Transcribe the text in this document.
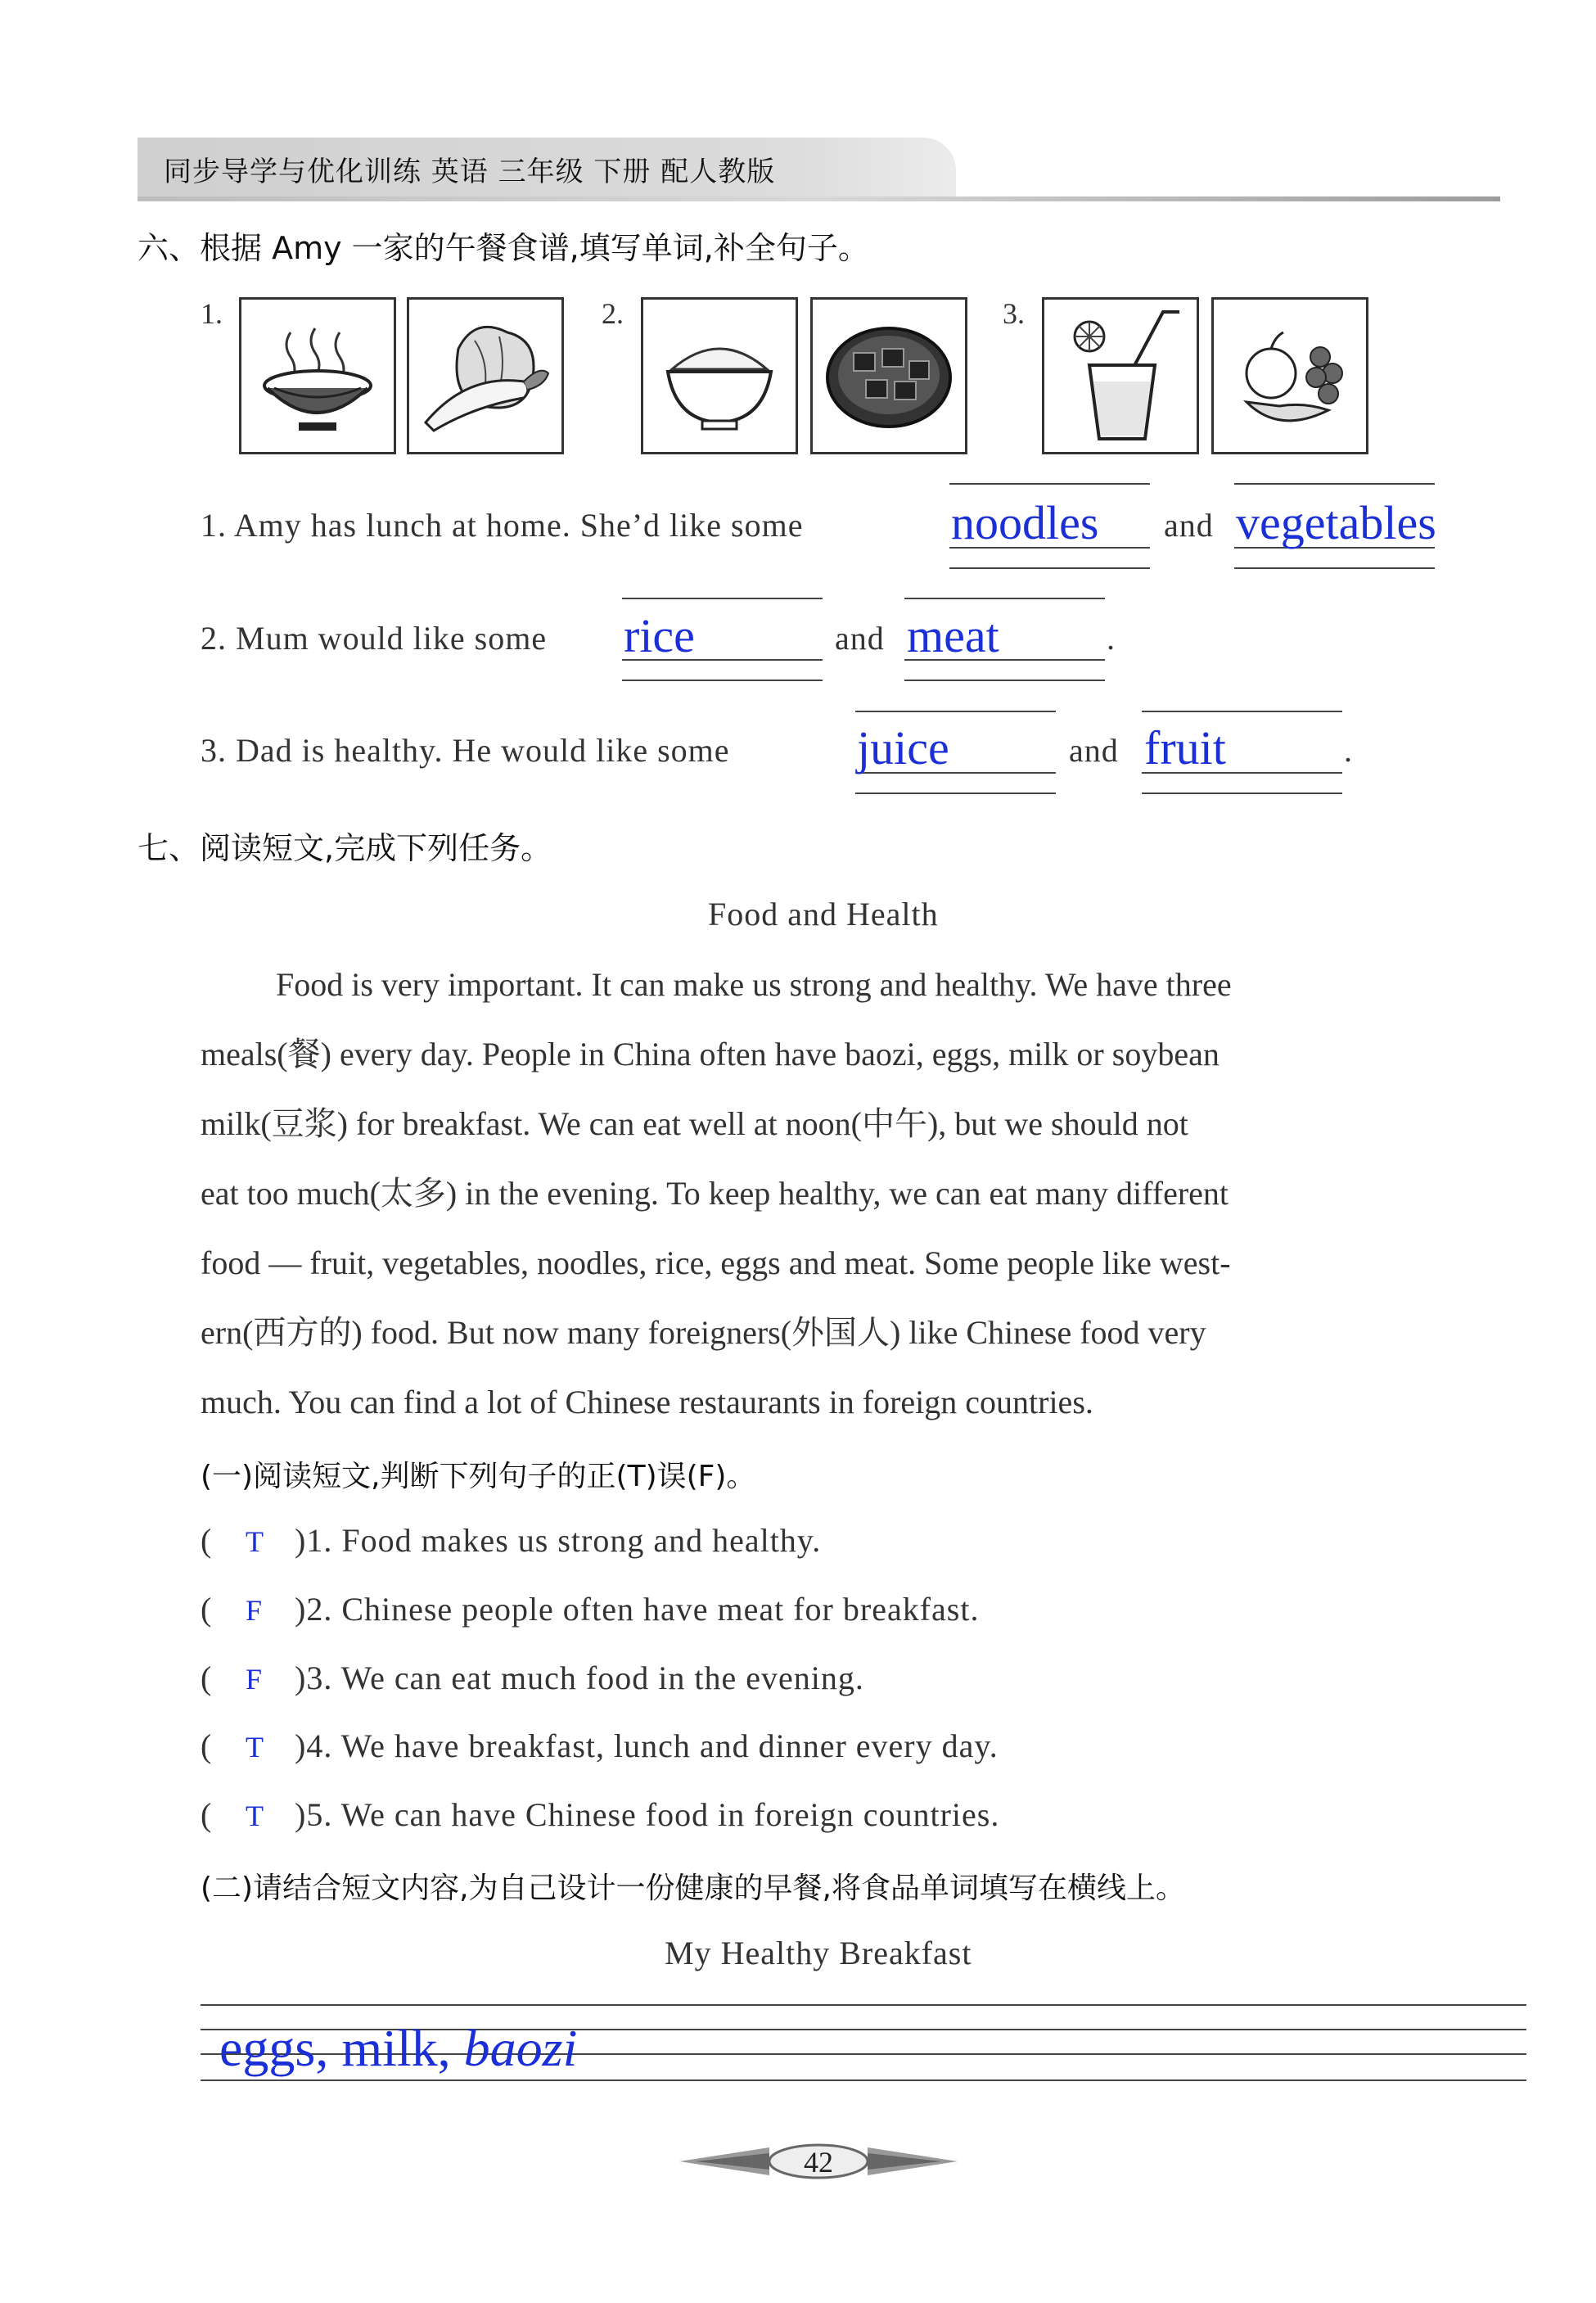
同步导学与优化训练 英语 三年级 下册 配人教版
六、根据 Amy 一家的午餐食谱,填写单词,补全句子。
1.	2.	3.
1. Amy has lunch at home. She’d like some	noodles and vegetables
2. Mum would like some rice	and meat	.
3. Dad is healthy. He would like some	juice	and fruit	.
七、阅读短文,完成下列任务。
Food and Health
Food is very important. It can make us strong and healthy. We have three
meals(餐) every day. People in China often have baozi, eggs, milk or soybean
milk(豆浆) for breakfast. We can eat well at noon(中午), but we should not
eat too much(太多) in the evening. To keep healthy, we can eat many different
food — fruit, vegetables, noodles, rice, eggs and meat. Some people like west-
ern(西方的) food. But now many foreigners(外国人) like Chinese food very
much. You can find a lot of Chinese restaurants in foreign countries.
(一)阅读短文,判断下列句子的正(T)误(F)。
( T )1. Food makes us strong and healthy.
( F )2. Chinese people often have meat for breakfast.
( F )3. We can eat much food in the evening.
( T )4. We have breakfast, lunch and dinner every day.
( T )5. We can have Chinese food in foreign countries.
(二)请结合短文内容,为自己设计一份健康的早餐,将食品单词填写在横线上。
My Healthy Breakfast
eggs, milk, baozi
42
